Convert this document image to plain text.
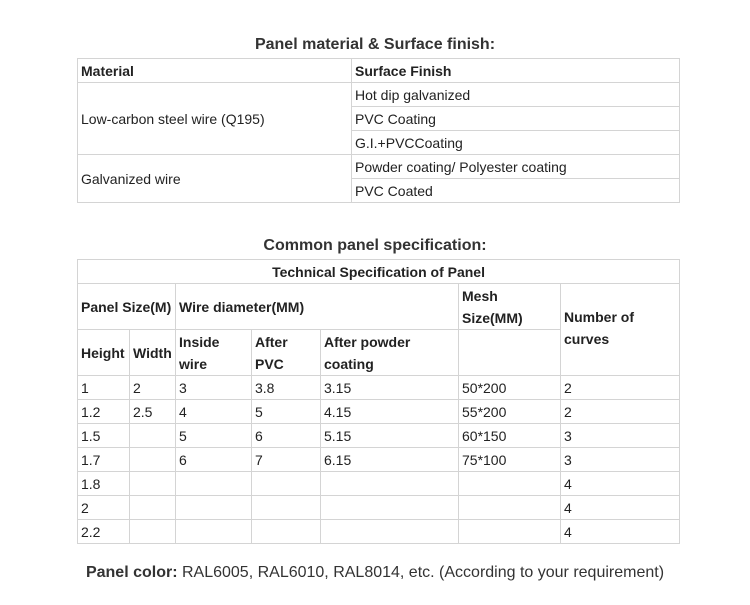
Panel material & Surface finish:
Material	Surface Finish
Low-carbon steel wire (Q195)	Hot dip galvanized
	PVC Coating
	G.I.+PVCCoating
Galvanized wire	Powder coating/ Polyester coating
	PVC Coated
Common panel specification:
Technical Specification of Panel						
Panel Size(M)		Wire diameter(MM)			Mesh Size(MM)	Number of curves
Height	Width	Inside wire	After PVC	After powder coating		
1	2	3	3.8	3.15	50*200	2
1.2	2.5	4	5	4.15	55*200	2
1.5		5	6	5.15	60*150	3
1.7		6	7	6.15	75*100	3
1.8						4
2						4
2.2						4
Panel color: RAL6005, RAL6010, RAL8014, etc. (According to your requirement)
